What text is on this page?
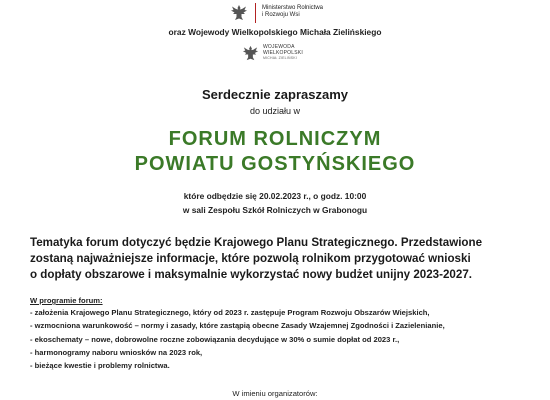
Ministerstwo Rolnictwa
i Rozwoju Wsi
oraz Wojewody Wielkopolskiego Michała Zielińskiego
WOJEWODA
WIELKOPOLSKI
MICHAŁ ZIELIŃSKI
Serdecznie zapraszamy
do udziału w
FORUM ROLNICZYM
POWIATU GOSTYŃSKIEGO
które odbędzie się 20.02.2023 r., o godz. 10:00
w sali Zespołu Szkół Rolniczych w Grabonogu
Tematyka forum dotyczyć będzie Krajowego Planu Strategicznego. Przedstawione
zostaną najważniejsze informacje, które pozwolą rolnikom przygotować wnioski
o dopłaty obszarowe i maksymalnie wykorzystać nowy budżet unijny 2023-2027.
W programie forum:
- założenia Krajowego Planu Strategicznego, który od 2023 r. zastępuje Program Rozwoju Obszarów Wiejskich,
- wzmocniona warunkowość – normy i zasady, które zastąpią obecne Zasady Wzajemnej Zgodności i Zazielenianie,
- ekoschematy – nowe, dobrowolne roczne zobowiązania decydujące w 30% o sumie dopłat od 2023 r.,
- harmonogramy naboru wniosków na 2023 rok,
- bieżące kwestie i problemy rolnictwa.
W imieniu organizatorów:
